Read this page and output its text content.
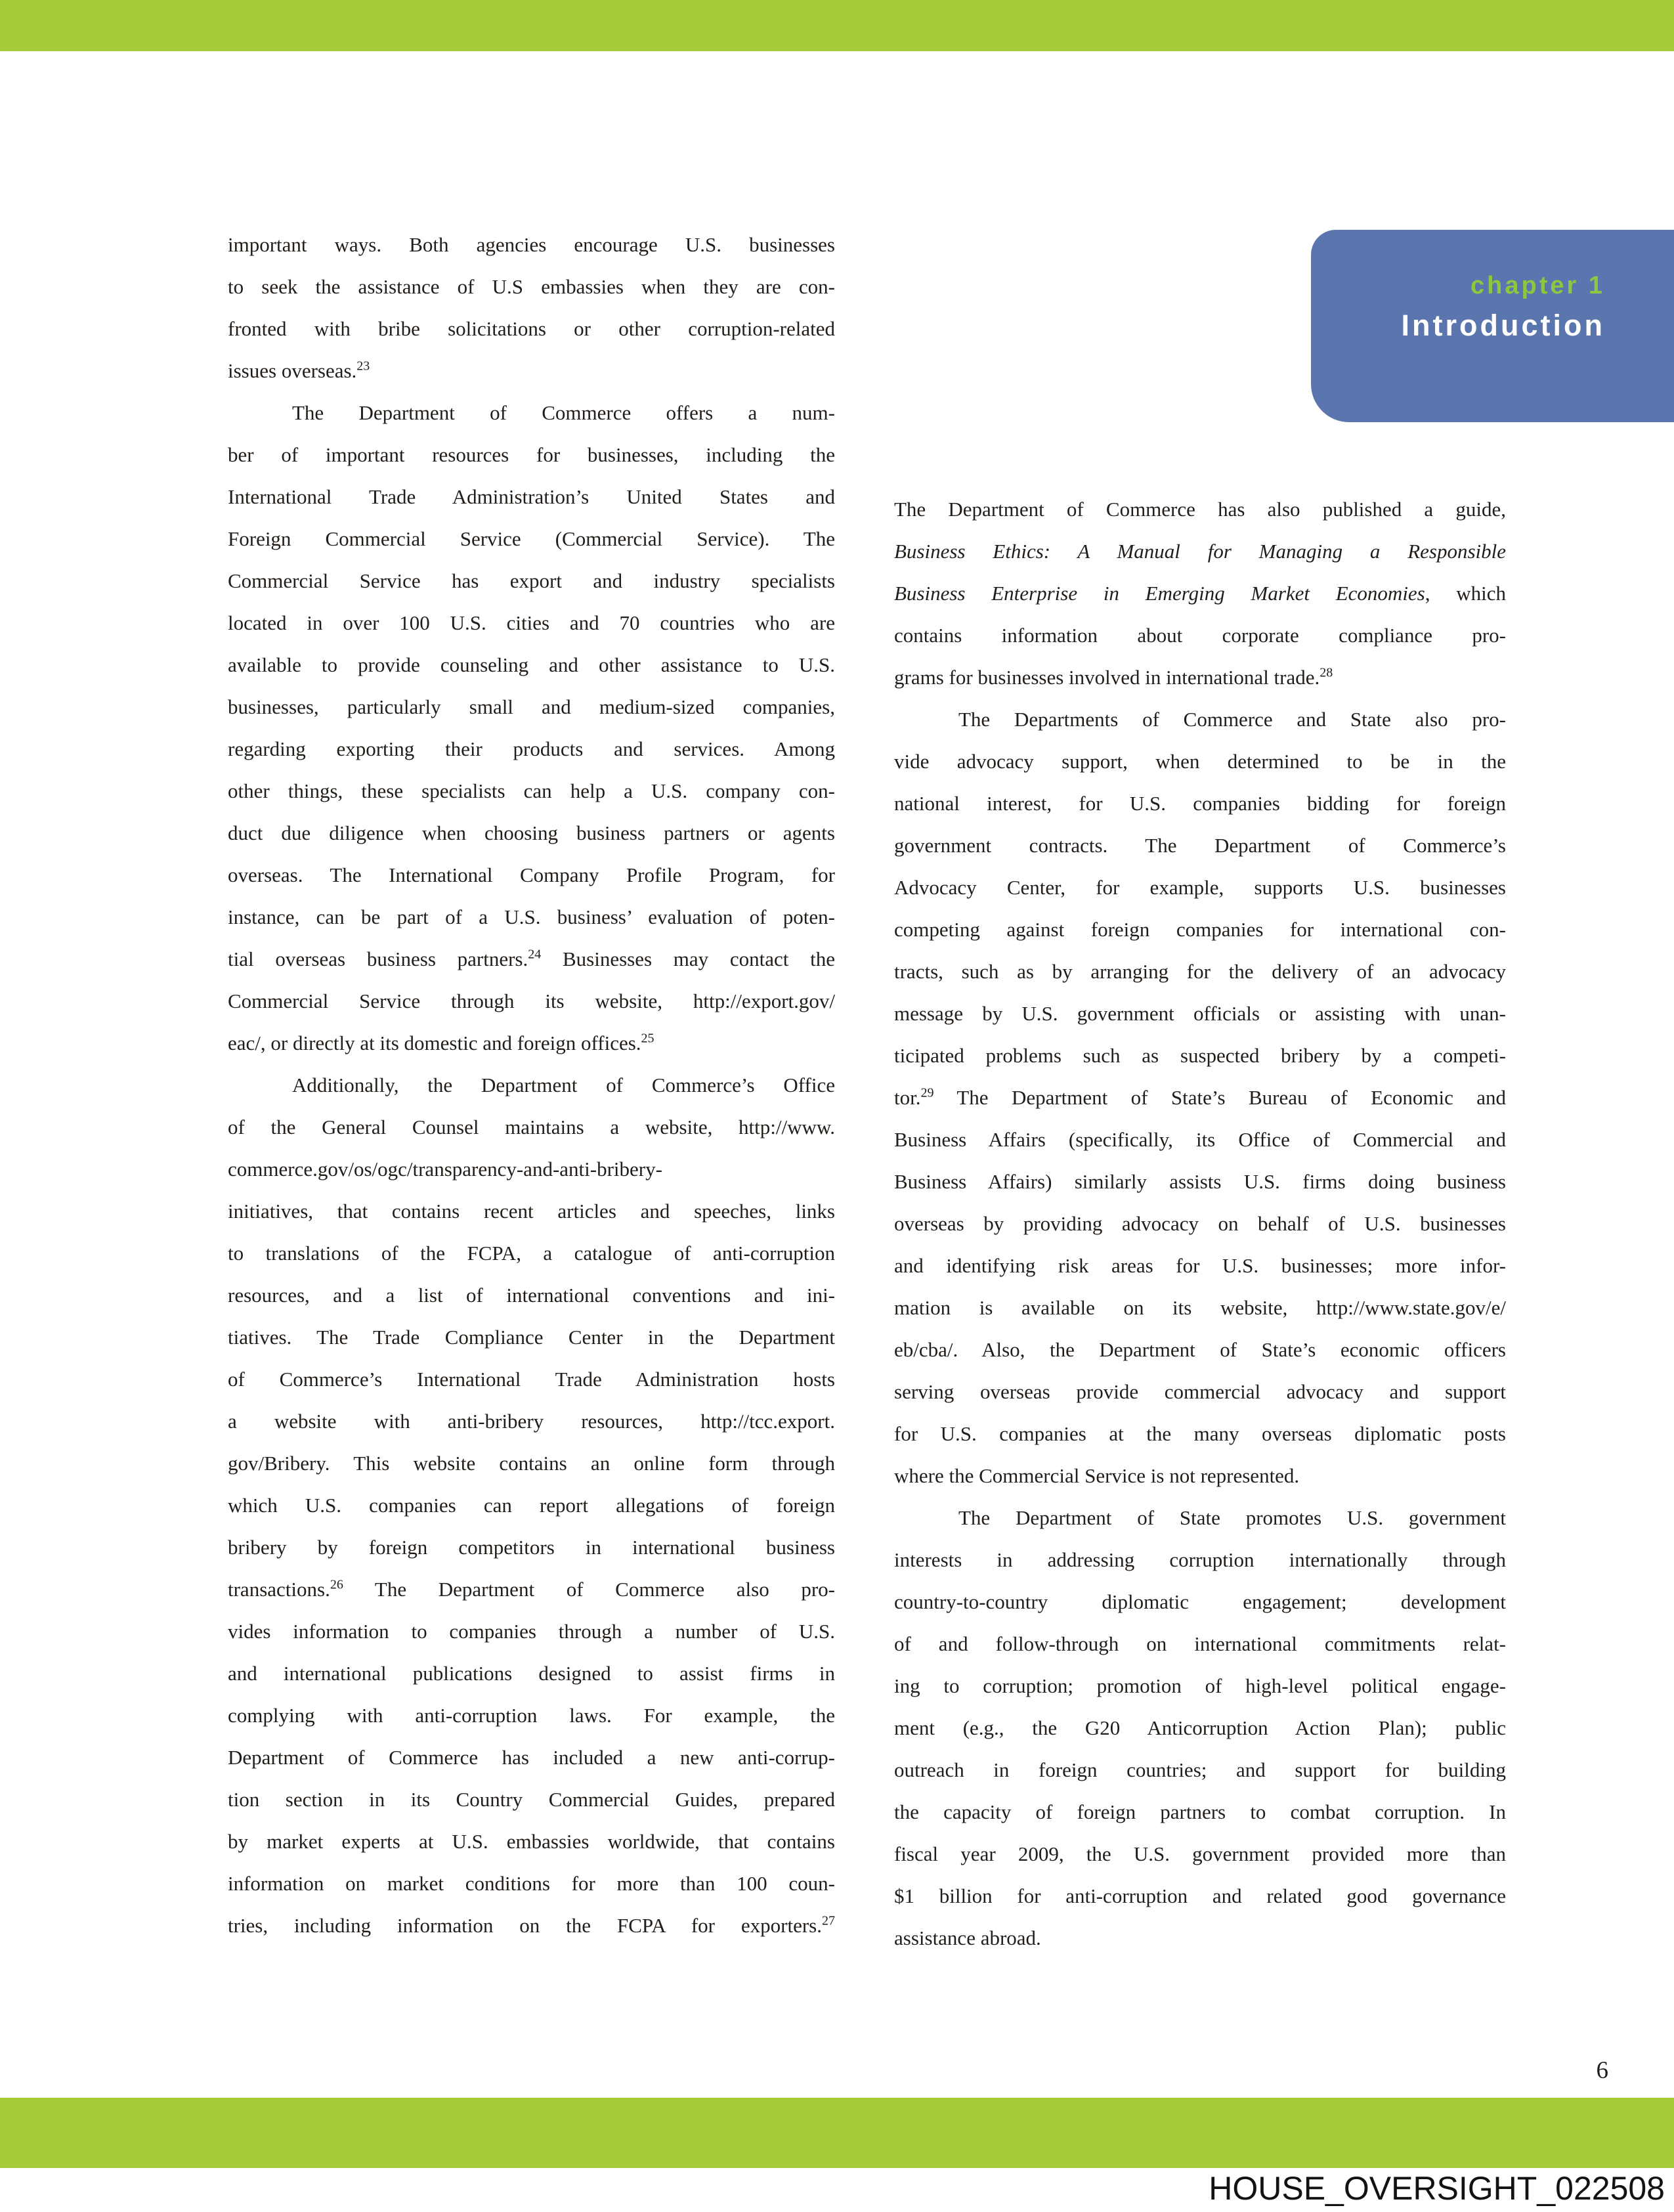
chapter 1
Introduction
important ways. Both agencies encourage U.S. businesses
to seek the assistance of U.S embassies when they are con-
fronted with bribe solicitations or other corruption-related
issues overseas.$^{23}$
The Department of Commerce offers a num-
ber of important resources for businesses, including the
International Trade Administration’s United States and
Foreign Commercial Service (Commercial Service). The
Commercial Service has export and industry specialists
located in over 100 U.S. cities and 70 countries who are
available to provide counseling and other assistance to U.S.
businesses, particularly small and medium-sized companies,
regarding exporting their products and services. Among
other things, these specialists can help a U.S. company con-
duct due diligence when choosing business partners or agents
overseas. The International Company Profile Program, for
instance, can be part of a U.S. business’ evaluation of poten-
tial overseas business partners.$^{24}$ Businesses may contact the
Commercial Service through its website, http://export.gov/
eac/, or directly at its domestic and foreign offices.$^{25}$
Additionally, the Department of Commerce’s Office
of the General Counsel maintains a website, http://www.
commerce.gov/os/ogc/transparency-and-anti-bribery-
initiatives, that contains recent articles and speeches, links
to translations of the FCPA, a catalogue of anti-corruption
resources, and a list of international conventions and ini-
tiatives. The Trade Compliance Center in the Department
of Commerce’s International Trade Administration hosts
a website with anti-bribery resources, http://tcc.export.
gov/Bribery. This website contains an online form through
which U.S. companies can report allegations of foreign
bribery by foreign competitors in international business
transactions.$^{26}$ The Department of Commerce also pro-
vides information to companies through a number of U.S.
and international publications designed to assist firms in
complying with anti-corruption laws. For example, the
Department of Commerce has included a new anti-corrup-
tion section in its Country Commercial Guides, prepared
by market experts at U.S. embassies worldwide, that contains
information on market conditions for more than 100 coun-
tries, including information on the FCPA for exporters.$^{27}$
The Department of Commerce has also published a guide,
Business Ethics: A Manual for Managing a Responsible
Business Enterprise in Emerging Market Economies, which
contains information about corporate compliance pro-
grams for businesses involved in international trade.$^{28}$
The Departments of Commerce and State also pro-
vide advocacy support, when determined to be in the
national interest, for U.S. companies bidding for foreign
government contracts. The Department of Commerce’s
Advocacy Center, for example, supports U.S. businesses
competing against foreign companies for international con-
tracts, such as by arranging for the delivery of an advocacy
message by U.S. government officials or assisting with unan-
ticipated problems such as suspected bribery by a competi-
tor.$^{29}$ The Department of State’s Bureau of Economic and
Business Affairs (specifically, its Office of Commercial and
Business Affairs) similarly assists U.S. firms doing business
overseas by providing advocacy on behalf of U.S. businesses
and identifying risk areas for U.S. businesses; more infor-
mation is available on its website, http://www.state.gov/e/
eb/cba/. Also, the Department of State’s economic officers
serving overseas provide commercial advocacy and support
for U.S. companies at the many overseas diplomatic posts
where the Commercial Service is not represented.
The Department of State promotes U.S. government
interests in addressing corruption internationally through
country-to-country diplomatic engagement; development
of and follow-through on international commitments relat-
ing to corruption; promotion of high-level political engage-
ment (e.g., the G20 Anticorruption Action Plan); public
outreach in foreign countries; and support for building
the capacity of foreign partners to combat corruption. In
fiscal year 2009, the U.S. government provided more than
$1 billion for anti-corruption and related good governance
assistance abroad.
6
HOUSE_OVERSIGHT_022508
